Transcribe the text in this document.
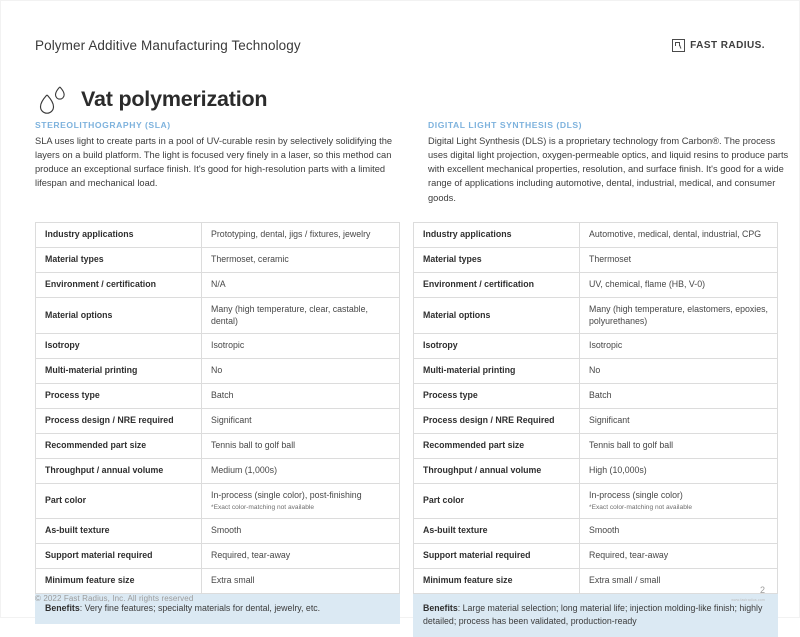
Polymer Additive Manufacturing Technology	FAST RADIUS.
Vat polymerization
STEREOLITHOGRAPHY (SLA)

SLA uses light to create parts in a pool of UV-curable resin by selectively solidifying the layers on a build platform. The light is focused very finely in a laser, so this method can produce an exceptional surface finish. It's good for high-resolution parts with a limited lifespan and mechanical load.

DIGITAL LIGHT SYNTHESIS (DLS)

Digital Light Synthesis (DLS) is a proprietary technology from Carbon®. The process uses digital light projection, oxygen-permeable optics, and liquid resins to produce parts with excellent mechanical properties, resolution, and surface finish. It's good for a wide range of applications including automotive, dental, industrial, medical, and consumer goods.

Industry applications	Prototyping, dental, jigs / fixtures, jewelry
Material types	Thermoset, ceramic
Environment / certification	N/A
Material options	Many (high temperature, clear, castable, dental)
Isotropy	Isotropic
Multi-material printing	No
Process type	Batch
Process design / NRE required	Significant
Recommended part size	Tennis ball to golf ball
Throughput / annual volume	Medium (1,000s)
Part color	In-process (single color), post-finishing
*Exact color-matching not available

As-built texture	Smooth
Support material required	Required, tear-away
Minimum feature size	Extra small
Benefits: Very fine features; specialty materials for dental, jewelry, etc.	
Industry applications	Automotive, medical, dental, industrial, CPG
Material types	Thermoset
Environment / certification	UV, chemical, flame (HB, V-0)
Material options	Many (high temperature, elastomers, epoxies, polyurethanes)
Isotropy	Isotropic
Multi-material printing	No
Process type	Batch
Process design / NRE Required	Significant
Recommended part size	Tennis ball to golf ball
Throughput / annual volume	High (10,000s)
Part color	In-process (single color)
*Exact color-matching not available

As-built texture	Smooth
Support material required	Required, tear-away
Minimum feature size	Extra small / small
Benefits: Large material selection; long material life; injection molding-like finish; highly detailed; process has been validated, production-ready	
© 2022 Fast Radius, Inc. All rights reserved
2
www.fastradius.com
